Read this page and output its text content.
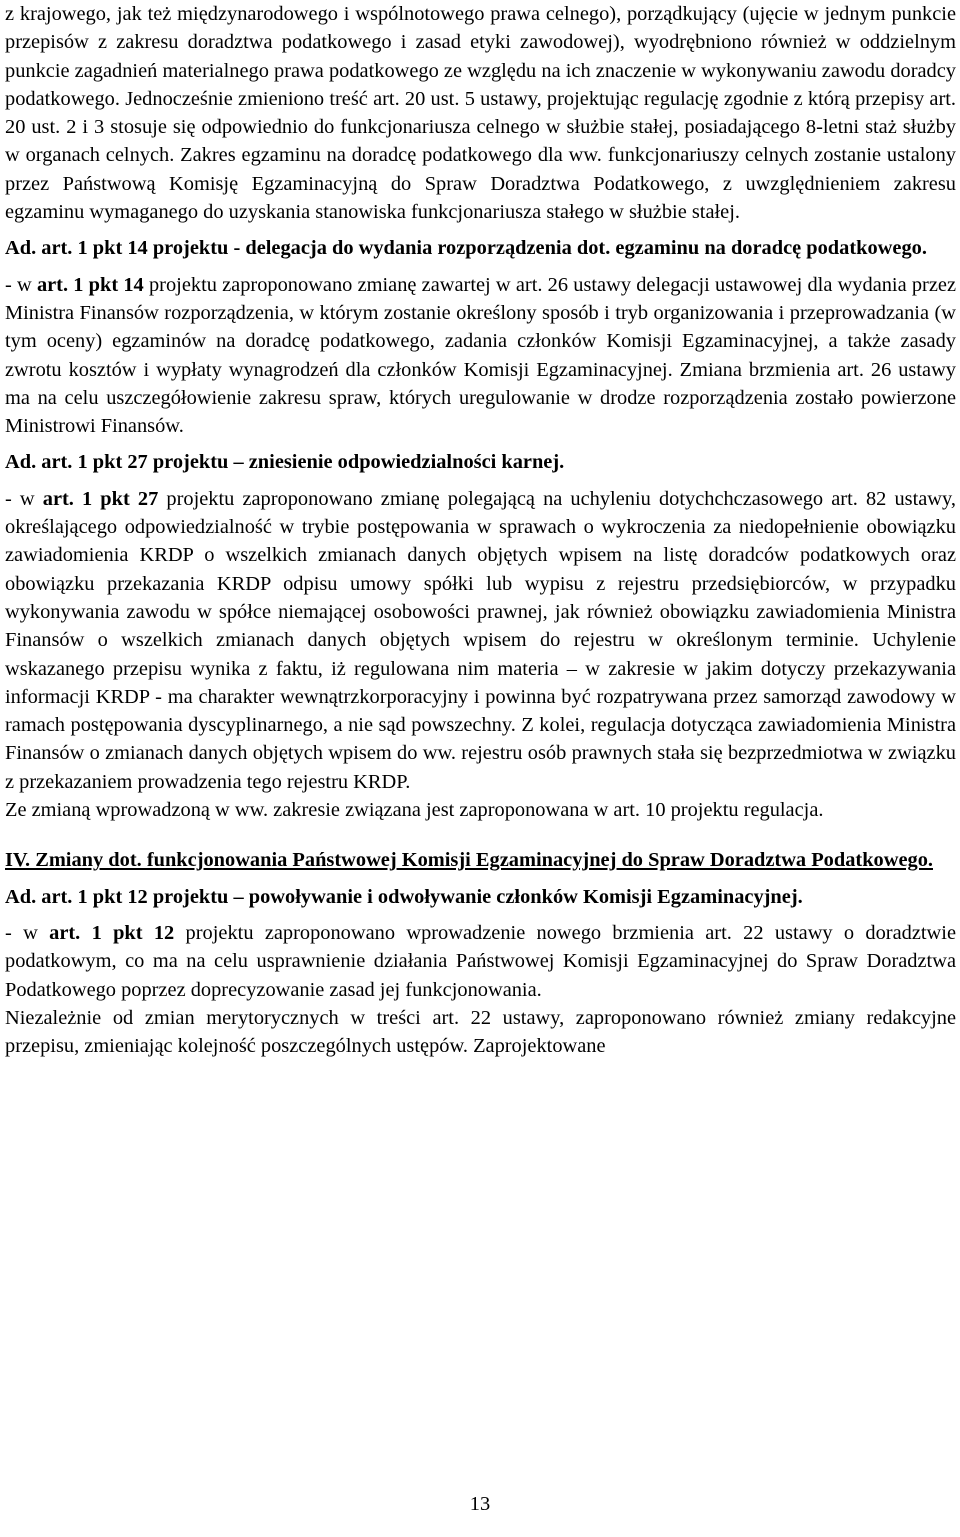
z krajowego, jak też międzynarodowego i wspólnotowego prawa celnego), porządkujący (ujęcie w jednym punkcie przepisów z zakresu doradztwa podatkowego i zasad etyki zawodowej), wyodrębniono również w oddzielnym punkcie zagadnień materialnego prawa podatkowego ze względu na ich znaczenie w wykonywaniu zawodu doradcy podatkowego. Jednocześnie zmieniono treść art. 20 ust. 5 ustawy, projektując regulację zgodnie z którą przepisy art. 20 ust. 2 i 3 stosuje się odpowiednio do funkcjonariusza celnego w służbie stałej, posiadającego 8-letni staż służby w organach celnych. Zakres egzaminu na doradcę podatkowego dla ww. funkcjonariuszy celnych zostanie ustalony przez Państwową Komisję Egzaminacyjną do Spraw Doradztwa Podatkowego, z uwzględnieniem zakresu egzaminu wymaganego do uzyskania stanowiska funkcjonariusza stałego w służbie stałej.

Ad. art. 1 pkt 14 projektu - delegacja do wydania rozporządzenia dot. egzaminu na doradcę podatkowego.

- w art. 1 pkt 14 projektu zaproponowano zmianę zawartej w art. 26 ustawy delegacji ustawowej dla wydania przez Ministra Finansów rozporządzenia, w którym zostanie określony sposób i tryb organizowania i przeprowadzania (w tym oceny) egzaminów na doradcę podatkowego, zadania członków Komisji Egzaminacyjnej, a także zasady zwrotu kosztów i wypłaty wynagrodzeń dla członków Komisji Egzaminacyjnej. Zmiana brzmienia art. 26 ustawy ma na celu uszczegółowienie zakresu spraw, których uregulowanie w drodze rozporządzenia zostało powierzone Ministrowi Finansów.

Ad. art. 1 pkt 27 projektu – zniesienie odpowiedzialności karnej.

- w art. 1 pkt 27 projektu zaproponowano zmianę polegającą na uchyleniu dotychchczasowego art. 82 ustawy, określającego odpowiedzialność w trybie postępowania w sprawach o wykroczenia za niedopełnienie obowiązku zawiadomienia KRDP o wszelkich zmianach danych objętych wpisem na listę doradców podatkowych oraz obowiązku przekazania KRDP odpisu umowy spółki lub wypisu z rejestru przedsiębiorców, w przypadku wykonywania zawodu w spółce niemającej osobowości prawnej, jak również obowiązku zawiadomienia Ministra Finansów o wszelkich zmianach danych objętych wpisem do rejestru w określonym terminie. Uchylenie wskazanego przepisu wynika z faktu, iż regulowana nim materia – w zakresie w jakim dotyczy przekazywania informacji KRDP - ma charakter wewnątrzkorporacyjny i powinna być rozpatrywana przez samorząd zawodowy w ramach postępowania dyscyplinarnego, a nie sąd powszechny. Z kolei, regulacja dotycząca zawiadomienia Ministra Finansów o zmianach danych objętych wpisem do ww. rejestru osób prawnych stała się bezprzedmiotwa w związku z przekazaniem prowadzenia tego rejestru KRDP.

Ze zmianą wprowadzoną w ww. zakresie związana jest zaproponowana w art. 10 projektu regulacja.

IV. Zmiany dot. funkcjonowania Państwowej Komisji Egzaminacyjnej do Spraw Doradztwa Podatkowego.

Ad. art. 1 pkt 12 projektu – powoływanie i odwoływanie członków Komisji Egzaminacyjnej.

- w art. 1 pkt 12 projektu zaproponowano wprowadzenie nowego brzmienia art. 22 ustawy o doradztwie podatkowym, co ma na celu usprawnienie działania Państwowej Komisji Egzaminacyjnej do Spraw Doradztwa Podatkowego poprzez doprecyzowanie zasad jej funkcjonowania.

Niezależnie od zmian merytorycznych w treści art. 22 ustawy, zaproponowano również zmiany redakcyjne przepisu, zmieniając kolejność poszczególnych ustępów. Zaprojektowane

13
